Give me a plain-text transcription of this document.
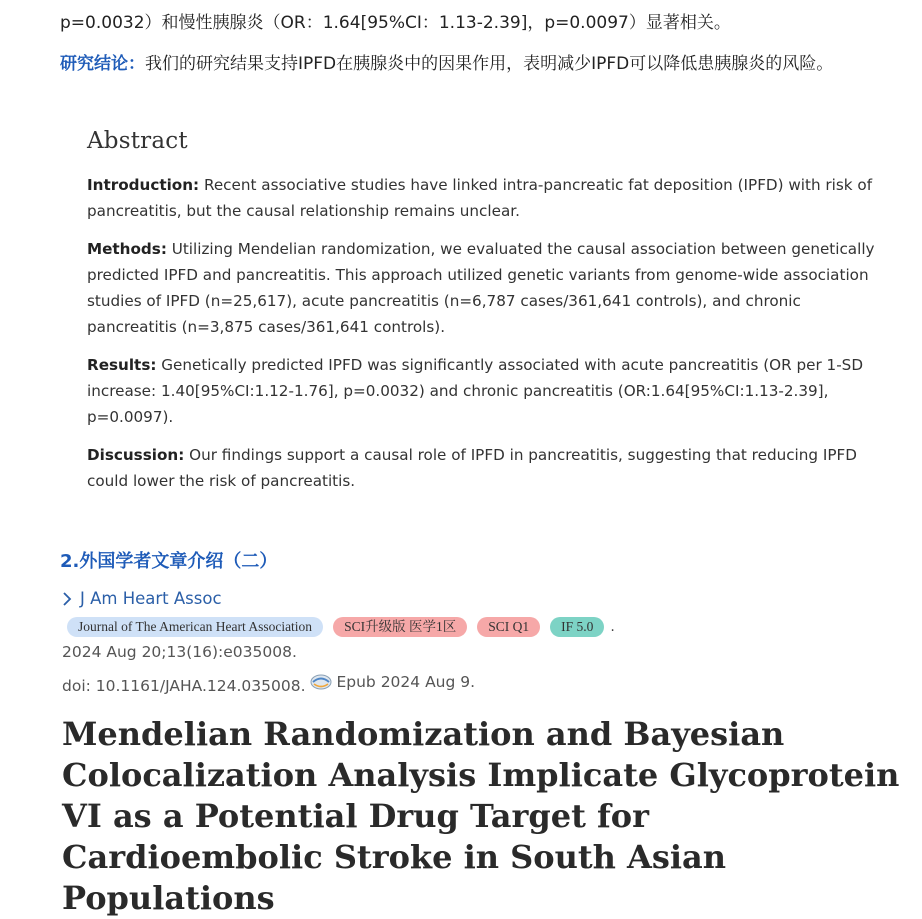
p=0.0032）和慢性胰腺炎（OR：1.64[95%CI：1.13-2.39]，p=0.0097）显著相关。
研究结论：我们的研究结果支持IPFD在胰腺炎中的因果作用，表明减少IPFD可以降低患胰腺炎的风险。
Abstract

Introduction: Recent associative studies have linked intra-pancreatic fat deposition (IPFD) with risk of pancreatitis, but the causal relationship remains unclear.

Methods: Utilizing Mendelian randomization, we evaluated the causal association between genetically predicted IPFD and pancreatitis. This approach utilized genetic variants from genome-wide association studies of IPFD (n=25,617), acute pancreatitis (n=6,787 cases/361,641 controls), and chronic pancreatitis (n=3,875 cases/361,641 controls).

Results: Genetically predicted IPFD was significantly associated with acute pancreatitis (OR per 1-SD increase: 1.40[95%CI:1.12-1.76], p=0.0032) and chronic pancreatitis (OR:1.64[95%CI:1.13-2.39], p=0.0097).

Discussion: Our findings support a causal role of IPFD in pancreatitis, suggesting that reducing IPFD could lower the risk of pancreatitis.

2.外国学者文章介绍（二）
J Am Heart Assoc
Journal of The American Heart Association	SCI升级版 医学1区	SCI Q1	IF 5.0	.
2024 Aug 20;13(16):e035008.
doi: 10.1161/JAHA.124.035008. Epub 2024 Aug 9.
Mendelian Randomization and Bayesian Colocalization Analysis Implicate Glycoprotein VI as a Potential Drug Target for Cardioembolic Stroke in South Asian Populations
